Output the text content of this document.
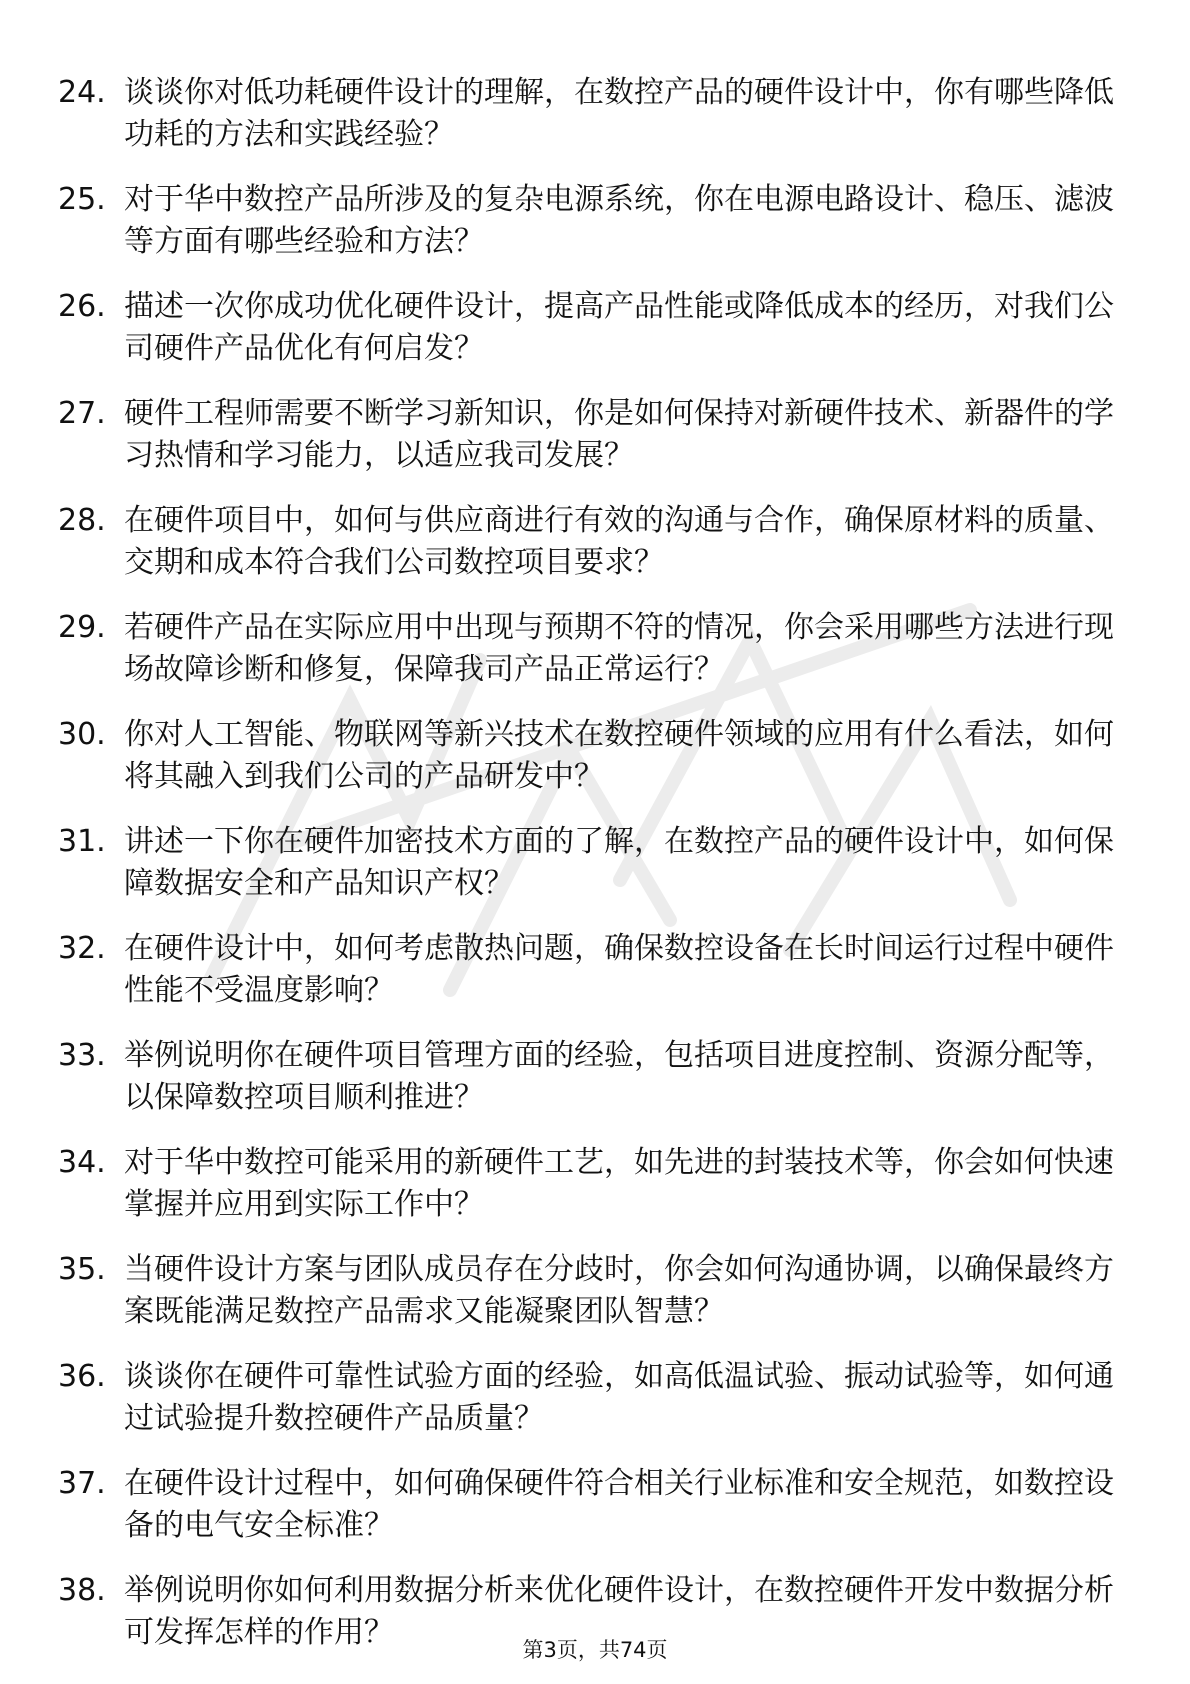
24. 谈谈你对低功耗硬件设计的理解，在数控产品的硬件设计中，你有哪些降低功耗的方法和实践经验？
25. 对于华中数控产品所涉及的复杂电源系统，你在电源电路设计、稳压、滤波等方面有哪些经验和方法？
26. 描述一次你成功优化硬件设计，提高产品性能或降低成本的经历，对我们公司硬件产品优化有何启发？
27. 硬件工程师需要不断学习新知识，你是如何保持对新硬件技术、新器件的学习热情和学习能力，以适应我司发展？
28. 在硬件项目中，如何与供应商进行有效的沟通与合作，确保原材料的质量、交期和成本符合我们公司数控项目要求？
29. 若硬件产品在实际应用中出现与预期不符的情况，你会采用哪些方法进行现场故障诊断和修复，保障我司产品正常运行？
30. 你对人工智能、物联网等新兴技术在数控硬件领域的应用有什么看法，如何将其融入到我们公司的产品研发中？
31. 讲述一下你在硬件加密技术方面的了解，在数控产品的硬件设计中，如何保障数据安全和产品知识产权？
32. 在硬件设计中，如何考虑散热问题，确保数控设备在长时间运行过程中硬件性能不受温度影响？
33. 举例说明你在硬件项目管理方面的经验，包括项目进度控制、资源分配等，以保障数控项目顺利推进？
34. 对于华中数控可能采用的新硬件工艺，如先进的封装技术等，你会如何快速掌握并应用到实际工作中？
35. 当硬件设计方案与团队成员存在分歧时，你会如何沟通协调，以确保最终方案既能满足数控产品需求又能凝聚团队智慧？
36. 谈谈你在硬件可靠性试验方面的经验，如高低温试验、振动试验等，如何通过试验提升数控硬件产品质量？
37. 在硬件设计过程中，如何确保硬件符合相关行业标准和安全规范，如数控设备的电气安全标准？
38. 举例说明你如何利用数据分析来优化硬件设计，在数控硬件开发中数据分析可发挥怎样的作用？	第3页，共74页
